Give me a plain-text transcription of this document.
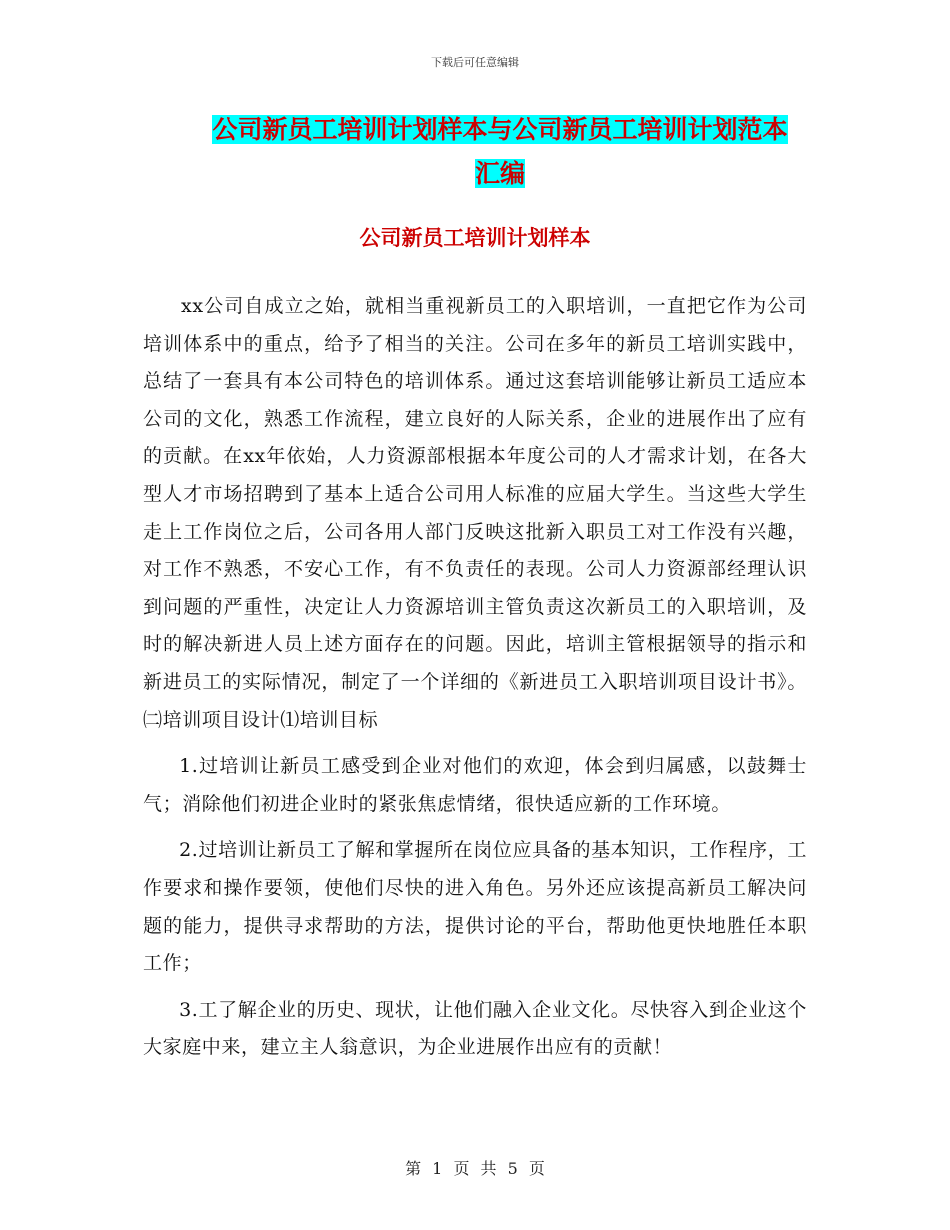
下载后可任意编辑
公司新员工培训计划样本与公司新员工培训计划范本
汇编
公司新员工培训计划样本

xx公司自成立之始，就相当重视新员工的入职培训，一直把它作为公司培训体系中的重点，给予了相当的关注。公司在多年的新员工培训实践中，总结了一套具有本公司特色的培训体系。通过这套培训能够让新员工适应本公司的文化，熟悉工作流程，建立良好的人际关系，企业的进展作出了应有的贡献。在xx年依始，人力资源部根据本年度公司的人才需求计划，在各大型人才市场招聘到了基本上适合公司用人标准的应届大学生。当这些大学生走上工作岗位之后，公司各用人部门反映这批新入职员工对工作没有兴趣，对工作不熟悉，不安心工作，有不负责任的表现。公司人力资源部经理认识到问题的严重性，决定让人力资源培训主管负责这次新员工的入职培训，及时的解决新进人员上述方面存在的问题。因此，培训主管根据领导的指示和新进员工的实际情况，制定了一个详细的《新进员工入职培训项目设计书》。㈡培训项目设计⑴培训目标

1.过培训让新员工感受到企业对他们的欢迎，体会到归属感，以鼓舞士气；消除他们初进企业时的紧张焦虑情绪，很快适应新的工作环境。

2.过培训让新员工了解和掌握所在岗位应具备的基本知识，工作程序，工作要求和操作要领，使他们尽快的进入角色。另外还应该提高新员工解决问题的能力，提供寻求帮助的方法，提供讨论的平台，帮助他更快地胜任本职工作；

3.工了解企业的历史、现状，让他们融入企业文化。尽快容入到企业这个大家庭中来，建立主人翁意识，为企业进展作出应有的贡献！

第 1 页 共 5 页
